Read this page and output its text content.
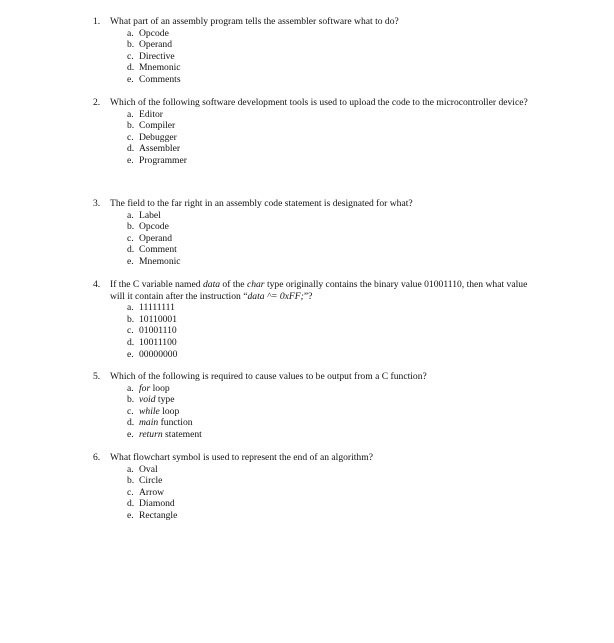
1.	What part of an assembly program tells the assembler software what to do?
a. Opcode
b. Operand
c. Directive
d. Mnemonic
e. Comments
2.	Which of the following software development tools is used to upload the code to the microcontroller device?
a. Editor
b. Compiler
c. Debugger
d. Assembler
e. Programmer
3.	The field to the far right in an assembly code statement is designated for what?
a. Label
b. Opcode
c. Operand
d. Comment
e. Mnemonic
4.	If the C variable named data of the char type originally contains the binary value 01001110, then what value will it contain after the instruction “data ^= 0xFF;”?
a. 11111111
b. 10110001
c. 01001110
d. 10011100
e. 00000000
5.	Which of the following is required to cause values to be output from a C function?
a. for loop
b. void type
c. while loop
d. main function
e. return statement
6.	What flowchart symbol is used to represent the end of an algorithm?
a. Oval
b. Circle
c. Arrow
d. Diamond
e. Rectangle
